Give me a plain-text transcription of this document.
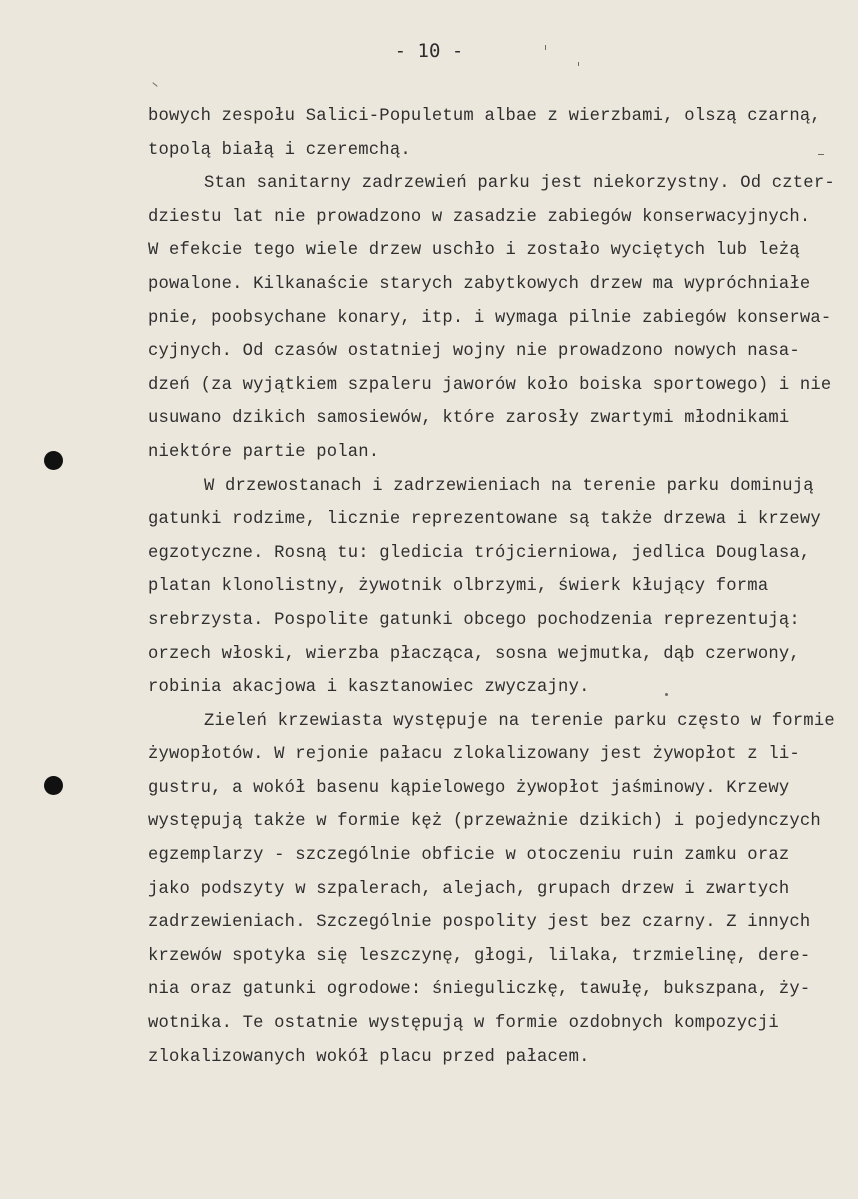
- 10 -
bowych zespołu Salici-Populetum albae z wierzbami, olszą czarną,
topolą białą i czeremchą.
Stan sanitarny zadrzewień parku jest niekorzystny. Od czter-
dziestu lat nie prowadzono w zasadzie zabiegów konserwacyjnych.
W efekcie tego wiele drzew uschło i zostało wyciętych lub leżą
powalone. Kilkanaście starych zabytkowych drzew ma wypróchniałe
pnie, poobsychane konary, itp. i wymaga pilnie zabiegów konserwa-
cyjnych. Od czasów ostatniej wojny nie prowadzono nowych nasa-
dzeń (za wyjątkiem szpaleru jaworów koło boiska sportowego) i nie
usuwano dzikich samosiewów, które zarosły zwartymi młodnikami
niektóre partie polan.
W drzewostanach i zadrzewieniach na terenie parku dominują
gatunki rodzime, licznie reprezentowane są także drzewa i krzewy
egzotyczne. Rosną tu: gledicia trójcierniowa, jedlica Douglasa,
platan klonolistny, żywotnik olbrzymi, świerk kłujący forma
srebrzysta. Pospolite gatunki obcego pochodzenia reprezentują:
orzech włoski, wierzba płacząca, sosna wejmutka, dąb czerwony,
robinia akacjowa i kasztanowiec zwyczajny.
Zieleń krzewiasta występuje na terenie parku często w formie
żywopłotów. W rejonie pałacu zlokalizowany jest żywopłot z li-
gustru, a wokół basenu kąpielowego żywopłot jaśminowy. Krzewy
występują także w formie kęż (przeważnie dzikich) i pojedynczych
egzemplarzy - szczególnie obficie w otoczeniu ruin zamku oraz
jako podszyty w szpalerach, alejach, grupach drzew i zwartych
zadrzewieniach. Szczególnie pospolity jest bez czarny. Z innych
krzewów spotyka się leszczynę, głogi, lilaka, trzmielinę, dere-
nia oraz gatunki ogrodowe: śnieguliczkę, tawułę, bukszpana, ży-
wotnika. Te ostatnie występują w formie ozdobnych kompozycji
zlokalizowanych wokół placu przed pałacem.
